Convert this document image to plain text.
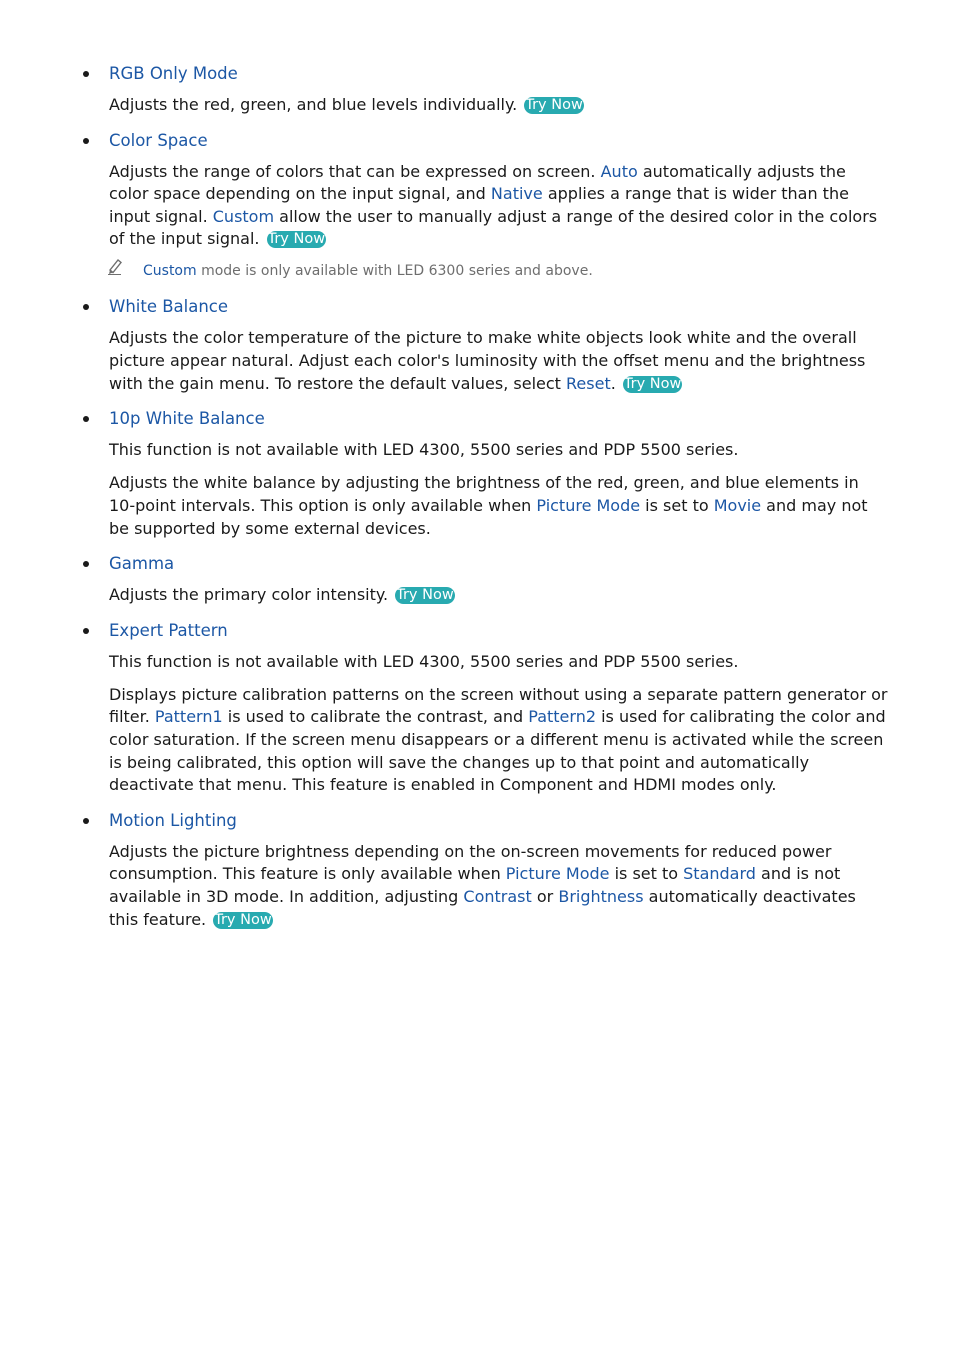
RGB Only Mode
Adjusts the red, green, and blue levels individually. Try Now
Color Space
Adjusts the range of colors that can be expressed on screen. Auto automatically adjusts the color space depending on the input signal, and Native applies a range that is wider than the input signal. Custom allow the user to manually adjust a range of the desired color in the colors of the input signal. Try Now
Custom mode is only available with LED 6300 series and above.
White Balance
Adjusts the color temperature of the picture to make white objects look white and the overall picture appear natural. Adjust each color's luminosity with the offset menu and the brightness with the gain menu. To restore the default values, select Reset. Try Now
10p White Balance
This function is not available with LED 4300, 5500 series and PDP 5500 series.
Adjusts the white balance by adjusting the brightness of the red, green, and blue elements in 10-point intervals. This option is only available when Picture Mode is set to Movie and may not be supported by some external devices.
Gamma
Adjusts the primary color intensity. Try Now
Expert Pattern
This function is not available with LED 4300, 5500 series and PDP 5500 series.
Displays picture calibration patterns on the screen without using a separate pattern generator or filter. Pattern1 is used to calibrate the contrast, and Pattern2 is used for calibrating the color and color saturation. If the screen menu disappears or a different menu is activated while the screen is being calibrated, this option will save the changes up to that point and automatically deactivate that menu. This feature is enabled in Component and HDMI modes only.
Motion Lighting
Adjusts the picture brightness depending on the on-screen movements for reduced power consumption. This feature is only available when Picture Mode is set to Standard and is not available in 3D mode. In addition, adjusting Contrast or Brightness automatically deactivates this feature. Try Now
